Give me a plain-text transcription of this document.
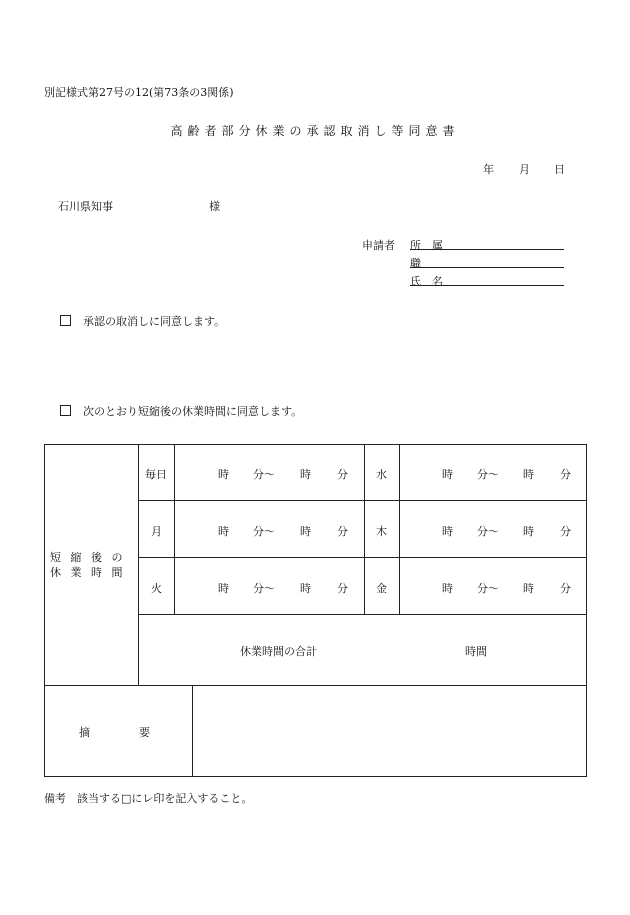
別記様式第27号の12(第73条の3関係)
高齢者部分休業の承認取消し等同意書
年 月 日
石川県知事	様
申請者 所　属
職
氏　名
承認の取消しに同意します。
次のとおり短縮後の休業時間に同意します。
短 縮 後 の
休 業 時 間
毎日
月
火
水
木
金
時 分〜 時 分
時 分〜 時 分
時 分〜 時 分
時 分〜 時 分
時 分〜 時 分
時 分〜 時 分
休業時間の合計	時間
摘　　　　要
備考　該当する□にレ印を記入すること。
